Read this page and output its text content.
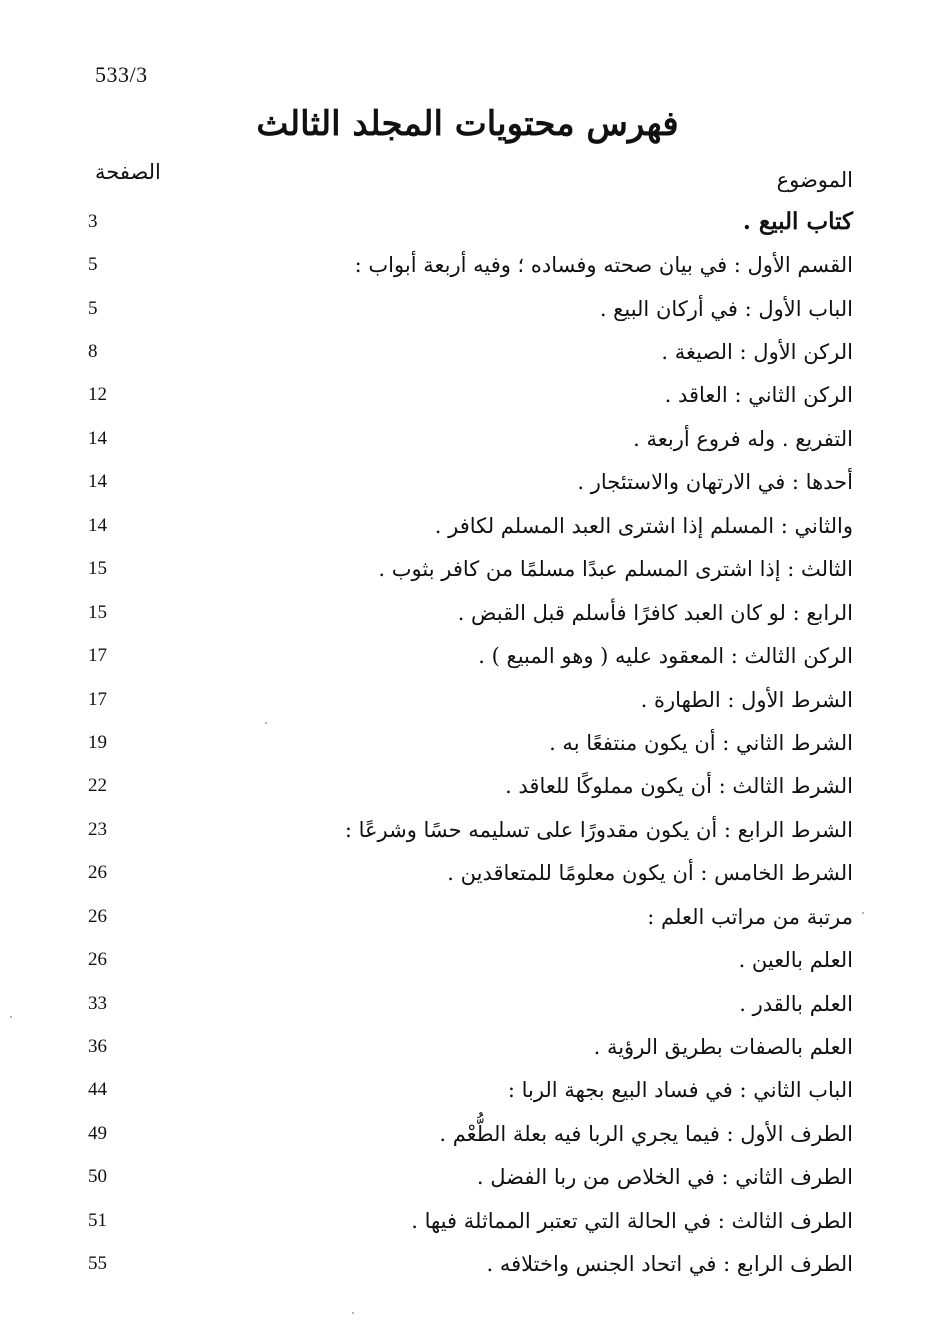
533/3
فهرس محتويات المجلد الثالث
الموضوع
الصفحة
كتاب البيع .
3
القسم الأول : في بيان صحته وفساده ؛ وفيه أربعة أبواب :
5
الباب الأول : في أركان البيع .
5
الركن الأول : الصيغة .
8
الركن الثاني : العاقد .
12
التفريع . وله فروع أربعة .
14
أحدها : في الارتهان والاستئجار .
14
والثاني : المسلم إذا اشترى العبد المسلم لكافر .
14
الثالث : إذا اشترى المسلم عبدًا مسلمًا من كافر بثوب .
15
الرابع : لو كان العبد كافرًا فأسلم قبل القبض .
15
الركن الثالث : المعقود عليه ( وهو المبيع ) .
17
الشرط الأول : الطهارة .
17
الشرط الثاني : أن يكون منتفعًا به .
19
الشرط الثالث : أن يكون مملوكًا للعاقد .
22
الشرط الرابع : أن يكون مقدورًا على تسليمه حسًا وشرعًا :
23
الشرط الخامس : أن يكون معلومًا للمتعاقدين .
26
مرتبة من مراتب العلم :
26
العلم بالعين .
26
العلم بالقدر .
33
العلم بالصفات بطريق الرؤية .
36
الباب الثاني : في فساد البيع بجهة الربا :
44
الطرف الأول : فيما يجري الربا فيه بعلة الطُّعْم .
49
الطرف الثاني : في الخلاص من ربا الفضل .
50
الطرف الثالث : في الحالة التي تعتبر المماثلة فيها .
51
الطرف الرابع : في اتحاد الجنس واختلافه .
55
